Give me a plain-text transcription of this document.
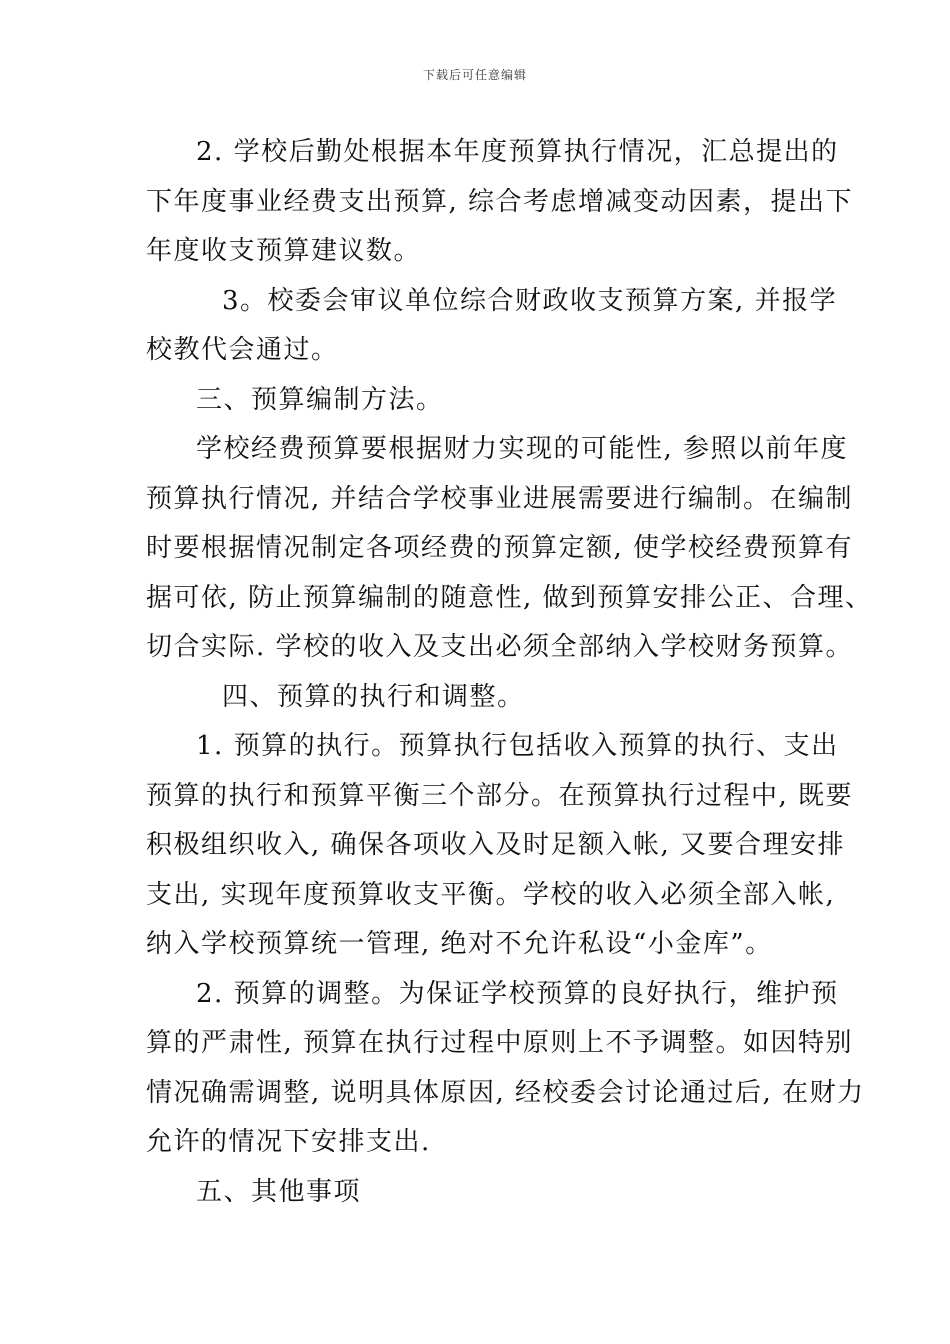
下载后可任意编辑

2. 学校后勤处根据本年度预算执行情况，汇总提出的

下年度事业经费支出预算, 综合考虑增减变动因素，提出下

年度收支预算建议数。

3。校委会审议单位综合财政收支预算方案, 并报学

校教代会通过。

三、预算编制方法。

学校经费预算要根据财力实现的可能性, 参照以前年度

预算执行情况, 并结合学校事业进展需要进行编制。在编制

时要根据情况制定各项经费的预算定额, 使学校经费预算有

据可依, 防止预算编制的随意性, 做到预算安排公正、合理、

切合实际. 学校的收入及支出必须全部纳入学校财务预算。

四、预算的执行和调整。

1. 预算的执行。预算执行包括收入预算的执行、支出

预算的执行和预算平衡三个部分。在预算执行过程中, 既要

积极组织收入, 确保各项收入及时足额入帐, 又要合理安排

支出, 实现年度预算收支平衡。学校的收入必须全部入帐,

纳入学校预算统一管理, 绝对不允许私设“小金库”。

2. 预算的调整。为保证学校预算的良好执行，维护预

算的严肃性, 预算在执行过程中原则上不予调整。如因特别

情况确需调整, 说明具体原因, 经校委会讨论通过后, 在财力

允许的情况下安排支出.

五、其他事项
